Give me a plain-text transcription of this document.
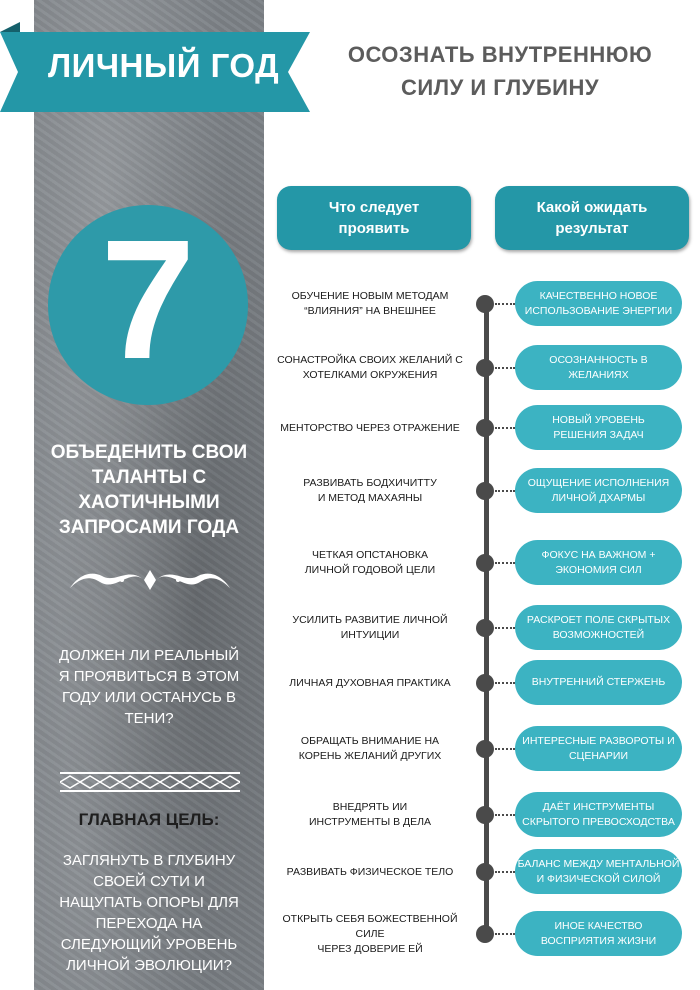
ЛИЧНЫЙ ГОД	ОСОЗНАТЬ ВНУТРЕННЮЮ
СИЛУ И ГЛУБИНУ
7
ОБЪЕДЕНИТЬ СВОИ
ТАЛАНТЫ С
ХАОТИЧНЫМИ
ЗАПРОСАМИ ГОДА
ДОЛЖЕН ЛИ РЕАЛЬНЫЙ
Я ПРОЯВИТЬСЯ В ЭТОМ
ГОДУ ИЛИ ОСТАНУСЬ В
ТЕНИ?
ГЛАВНАЯ ЦЕЛЬ:
ЗАГЛЯНУТЬ В ГЛУБИНУ
СВОЕЙ СУТИ И
НАЩУПАТЬ ОПОРЫ ДЛЯ
ПЕРЕХОДА НА
СЛЕДУЮЩИЙ УРОВЕНЬ
ЛИЧНОЙ ЭВОЛЮЦИИ?
Что следует
проявить
Какой ожидать
результат
ОБУЧЕНИЕ НОВЫМ МЕТОДАМ
“ВЛИЯНИЯ” НА ВНЕШНЕЕ
КАЧЕСТВЕННО НОВОЕ
ИСПОЛЬЗОВАНИЕ ЭНЕРГИИ
СОНАСТРОЙКА СВОИХ ЖЕЛАНИЙ С
ХОТЕЛКАМИ ОКРУЖЕНИЯ
ОСОЗНАННОСТЬ В
ЖЕЛАНИЯХ
МЕНТОРСТВО ЧЕРЕЗ ОТРАЖЕНИЕ
НОВЫЙ УРОВЕНЬ
РЕШЕНИЯ ЗАДАЧ
РАЗВИВАТЬ БОДХИЧИТТУ
И МЕТОД МАХАЯНЫ
ОЩУЩЕНИЕ ИСПОЛНЕНИЯ
ЛИЧНОЙ ДХАРМЫ
ЧЕТКАЯ ОПСТАНОВКА
ЛИЧНОЙ ГОДОВОЙ ЦЕЛИ
ФОКУС НА ВАЖНОМ +
ЭКОНОМИЯ СИЛ
УСИЛИТЬ РАЗВИТИЕ ЛИЧНОЙ
ИНТУИЦИИ
РАСКРОЕТ ПОЛЕ СКРЫТЫХ
ВОЗМОЖНОСТЕЙ
ЛИЧНАЯ ДУХОВНАЯ ПРАКТИКА	ВНУТРЕННИЙ СТЕРЖЕНЬ
ОБРАЩАТЬ ВНИМАНИЕ НА
КОРЕНЬ ЖЕЛАНИЙ ДРУГИХ
ИНТЕРЕСНЫЕ РАЗВОРОТЫ И
СЦЕНАРИИ
ВНЕДРЯТЬ ИИ
ИНСТРУМЕНТЫ В ДЕЛА
ДАЁТ ИНСТРУМЕНТЫ
СКРЫТОГО ПРЕВОСХОДСТВА
РАЗВИВАТЬ ФИЗИЧЕСКОЕ ТЕЛО
БАЛАНС МЕЖДУ МЕНТАЛЬНОЙ
И ФИЗИЧЕСКОЙ СИЛОЙ
ОТКРЫТЬ СЕБЯ БОЖЕСТВЕННОЙ
СИЛЕ
ЧЕРЕЗ ДОВЕРИЕ ЕЙ
ИНОЕ КАЧЕСТВО
ВОСПРИЯТИЯ ЖИЗНИ
